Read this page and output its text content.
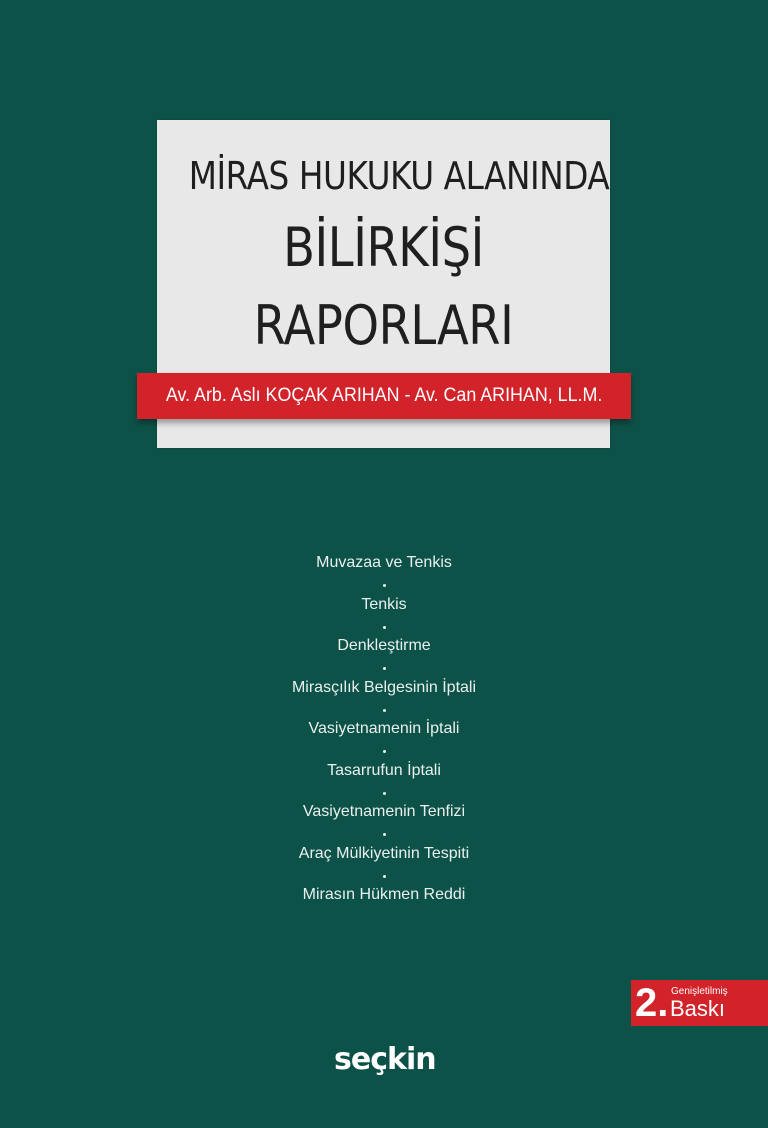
MİRAS HUKUKU ALANINDA
BİLİRKİŞİ
RAPORLARI
Av. Arb. Aslı KOÇAK ARIHAN - Av. Can ARIHAN, LL.M.
Muvazaa ve Tenkis
Tenkis
Denkleştirme
Mirasçılık Belgesinin İptali
Vasiyetnamenin İptali
Tasarrufun İptali
Vasiyetnamenin Tenfizi
Araç Mülkiyetinin Tespiti
Mirasın Hükmen Reddi
2. Genişletilmiş
Baskı
seçkin
